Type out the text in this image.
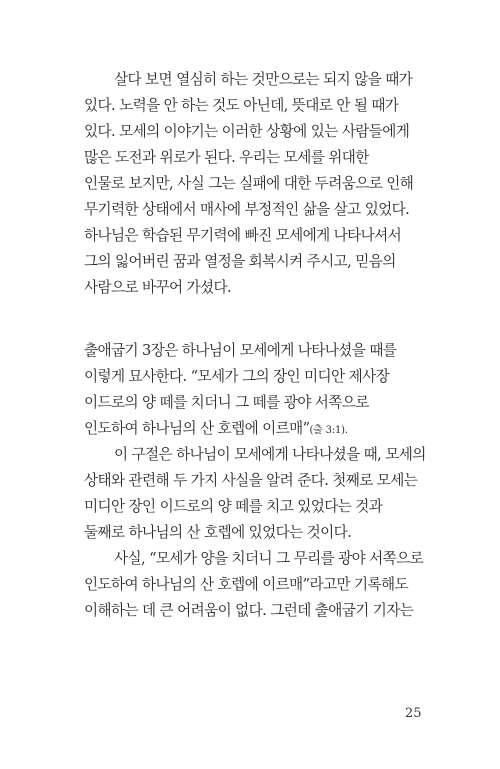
살다 보면 열심히 하는 것만으로는 되지 않을 때가
있다. 노력을 안 하는 것도 아닌데, 뜻대로 안 될 때가
있다. 모세의 이야기는 이러한 상황에 있는 사람들에게
많은 도전과 위로가 된다. 우리는 모세를 위대한
인물로 보지만, 사실 그는 실패에 대한 두려움으로 인해
무기력한 상태에서 매사에 부정적인 삶을 살고 있었다.
하나님은 학습된 무기력에 빠진 모세에게 나타나셔서
그의 잃어버린 꿈과 열정을 회복시켜 주시고, 믿음의
사람으로 바꾸어 가셨다.
출애굽기 3장은 하나님이 모세에게 나타나셨을 때를
이렇게 묘사한다. “모세가 그의 장인 미디안 제사장
이드로의 양 떼를 치더니 그 떼를 광야 서쪽으로
인도하여 하나님의 산 호렙에 이르매”(출 3:1).
이 구절은 하나님이 모세에게 나타나셨을 때, 모세의
상태와 관련해 두 가지 사실을 알려 준다. 첫째로 모세는
미디안 장인 이드로의 양 떼를 치고 있었다는 것과
둘째로 하나님의 산 호렙에 있었다는 것이다.
사실, “모세가 양을 치더니 그 무리를 광야 서쪽으로
인도하여 하나님의 산 호렙에 이르매”라고만 기록해도
이해하는 데 큰 어려움이 없다. 그런데 출애굽기 기자는
25
